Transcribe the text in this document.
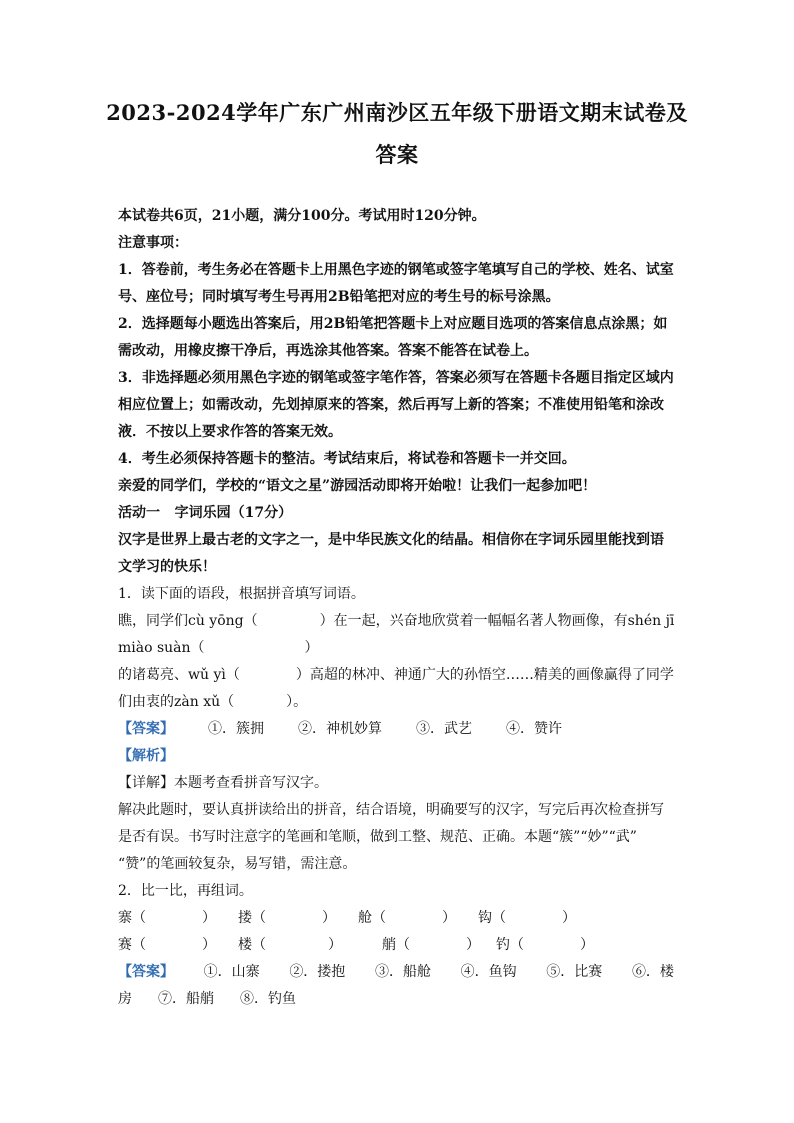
2023-2024学年广东广州南沙区五年级下册语文期末试卷及
答案

本试卷共6页，21小题，满分100分。考试用时120分钟。

注意事项：

1．答卷前，考生务必在答题卡上用黑色字迹的钢笔或签字笔填写自己的学校、姓名、试室

号、座位号；同时填写考生号再用2B铅笔把对应的考生号的标号涂黑。

2．选择题每小题选出答案后，用2B铅笔把答题卡上对应题目选项的答案信息点涂黑；如

需改动，用橡皮擦干净后，再选涂其他答案。答案不能答在试卷上。

3．非选择题必须用黑色字迹的钢笔或签字笔作答，答案必须写在答题卡各题目指定区域内

相应位置上；如需改动，先划掉原来的答案，然后再写上新的答案；不准使用铅笔和涂改

液．不按以上要求作答的答案无效。

4．考生必须保持答题卡的整洁。考试结束后，将试卷和答题卡一并交回。

亲爱的同学们，学校的“语文之星”游园活动即将开始啦！让我们一起参加吧！

活动一   字词乐园（17分）

汉字是世界上最古老的文字之一，是中华民族文化的结晶。相信你在字词乐园里能找到语

文学习的快乐！

1．读下面的语段，根据拼音填写词语。

瞧，同学们cù yōng（	）在一起，兴奋地欣赏着一幅幅名著人物画像，有shén jī

miào suàn（	）

的诸葛亮、wǔ yì（	）高超的林冲、神通广大的孙悟空……精美的画像赢得了同学

们由衷的zàn xǔ（	）。

【答案】 ①．簇拥 ②．神机妙算 ③．武艺 ④．赞许

【解析】

【详解】本题考查看拼音写汉字。

解决此题时，要认真拼读给出的拼音，结合语境，明确要写的汉字，写完后再次检查拼写

是否有误。书写时注意字的笔画和笔顺，做到工整、规范、正确。本题“簇”“妙”“武”

“赞”的笔画较复杂，易写错，需注意。

2．比一比，再组词。

寨（	） 搂（	） 舱（	） 钩（	）

赛（	） 楼（	）	艄（	） 钓（	）

【答案】 ①．山寨 ②．搂抱 ③．船舱 ④．鱼钩 ⑤．比赛 ⑥．楼

房 ⑦．船艄 ⑧．钓鱼
